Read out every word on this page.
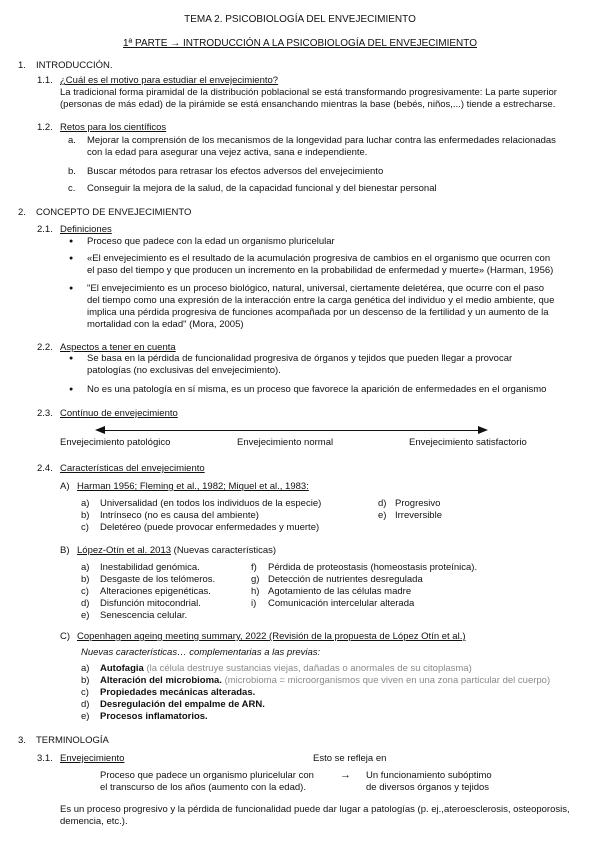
TEMA 2. PSICOBIOLOGÍA DEL ENVEJECIMIENTO
1ª PARTE → INTRODUCCIÓN A LA PSICOBIOLOGÍA DEL ENVEJECIMIENTO
1. INTRODUCCIÓN.
1.1. ¿Cuál es el motivo para estudiar el envejecimiento?
La tradicional forma piramidal de la distribución poblacional se está transformando progresivamente: La parte superior
(personas de más edad) de la pirámide se está ensanchando mientras la base (bebés, niños,...) tiende a estrecharse.
1.2. Retos para los científicos
a. Mejorar la comprensión de los mecanismos de la longevidad para luchar contra las enfermedades relacionadas
con la edad para asegurar una vejez activa, sana e independiente.
b. Buscar métodos para retrasar los efectos adversos del envejecimiento
c. Conseguir la mejora de la salud, de la capacidad funcional y del bienestar personal
2. CONCEPTO DE ENVEJECIMIENTO
2.1. Definiciones
● Proceso que padece con la edad un organismo pluricelular
● «El envejecimiento es el resultado de la acumulación progresiva de cambios en el organismo que ocurren con
el paso del tiempo y que producen un incremento en la probabilidad de enfermedad y muerte» (Harman, 1956)
● "El envejecimiento es un proceso biológico, natural, universal, ciertamente deletérea, que ocurre con el paso
del tiempo como una expresión de la interacción entre la carga genética del individuo y el medio ambiente, que
implica una pérdida progresiva de funciones acompañada por un descenso de la fertilidad y un aumento de la
mortalidad con la edad" (Mora, 2005)
2.2. Aspectos a tener en cuenta
● Se basa en la pérdida de funcionalidad progresiva de órganos y tejidos que pueden llegar a provocar
patologías (no exclusivas del envejecimiento).
● No es una patología en sí misma, es un proceso que favorece la aparición de enfermedades en el organismo
2.3. Contínuo de envejecimiento
Envejecimiento patológico	Envejecimiento normal	Envejecimiento satisfactorio
2.4. Características del envejecimiento
A) Harman 1956; Fleming et al., 1982; Miquel et al., 1983:
a) Universalidad (en todos los individuos de la especie)
b) Intrínseco (no es causa del ambiente)
c) Deletéreo (puede provocar enfermedades y muerte)
d) Progresivo
e) Irreversible
B) López-Otín et al. 2013 (Nuevas características)
a) Inestabilidad genómica.
b) Desgaste de los telómeros.
c) Alteraciones epigenéticas.
d) Disfunción mitocondrial.
e) Senescencia celular.
f) Pérdida de proteostasis (homeostasis proteínica).
g) Detección de nutrientes desregulada
h) Agotamiento de las células madre
i) Comunicación intercelular alterada
C) Copenhagen ageing meeting summary, 2022 (Revisión de la propuesta de López Otín et al.)
Nuevas características… complementarias a las previas:
a) Autofagia (la célula destruye sustancias viejas, dañadas o anormales de su citoplasma)
b) Alteración del microbioma. (microbioma = microorganismos que viven en una zona particular del cuerpo)
c) Propiedades mecánicas alteradas.
d) Desregulación del empalme de ARN.
e) Procesos inflamatorios.
3. TERMINOLOGÍA
3.1. Envejecimiento	Esto se refleja en
Proceso que padece un organismo pluricelular con
el transcurso de los años (aumento con la edad).
→ Un funcionamiento subóptimo
de diversos órganos y tejidos
Es un proceso progresivo y la pérdida de funcionalidad puede dar lugar a patologías (p. ej.,ateroesclerosis, osteoporosis,
demencia, etc.).
